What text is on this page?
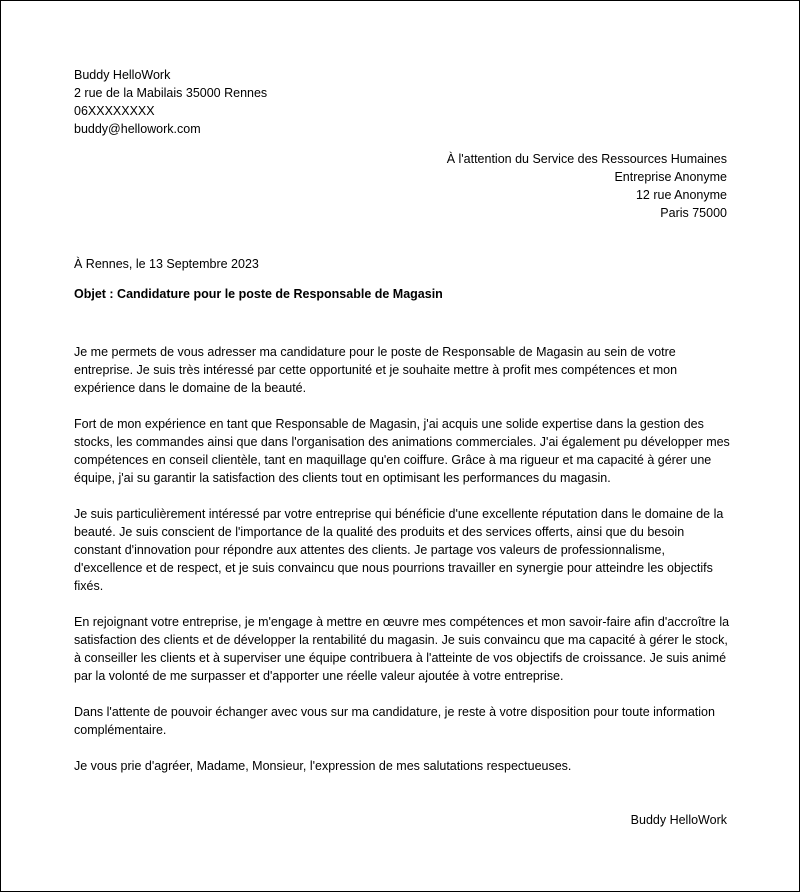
Buddy HelloWork
2 rue de la Mabilais 35000 Rennes
06XXXXXXXX
buddy@hellowork.com
À l'attention du Service des Ressources Humaines
Entreprise Anonyme
12 rue Anonyme
Paris 75000
À Rennes, le 13 Septembre 2023
Objet : Candidature pour le poste de Responsable de Magasin

Je me permets de vous adresser ma candidature pour le poste de Responsable de Magasin au sein de votre entreprise. Je suis très intéressé par cette opportunité et je souhaite mettre à profit mes compétences et mon expérience dans le domaine de la beauté.

Fort de mon expérience en tant que Responsable de Magasin, j'ai acquis une solide expertise dans la gestion des stocks, les commandes ainsi que dans l'organisation des animations commerciales. J'ai également pu développer mes compétences en conseil clientèle, tant en maquillage qu'en coiffure. Grâce à ma rigueur et ma capacité à gérer une équipe, j'ai su garantir la satisfaction des clients tout en optimisant les performances du magasin.

Je suis particulièrement intéressé par votre entreprise qui bénéficie d'une excellente réputation dans le domaine de la beauté. Je suis conscient de l'importance de la qualité des produits et des services offerts, ainsi que du besoin constant d'innovation pour répondre aux attentes des clients. Je partage vos valeurs de professionnalisme, d'excellence et de respect, et je suis convaincu que nous pourrions travailler en synergie pour atteindre les objectifs fixés.

En rejoignant votre entreprise, je m'engage à mettre en œuvre mes compétences et mon savoir-faire afin d'accroître la satisfaction des clients et de développer la rentabilité du magasin. Je suis convaincu que ma capacité à gérer le stock, à conseiller les clients et à superviser une équipe contribuera à l'atteinte de vos objectifs de croissance. Je suis animé par la volonté de me surpasser et d'apporter une réelle valeur ajoutée à votre entreprise.

Dans l'attente de pouvoir échanger avec vous sur ma candidature, je reste à votre disposition pour toute information complémentaire.

Je vous prie d'agréer, Madame, Monsieur, l'expression de mes salutations respectueuses.

Buddy HelloWork
